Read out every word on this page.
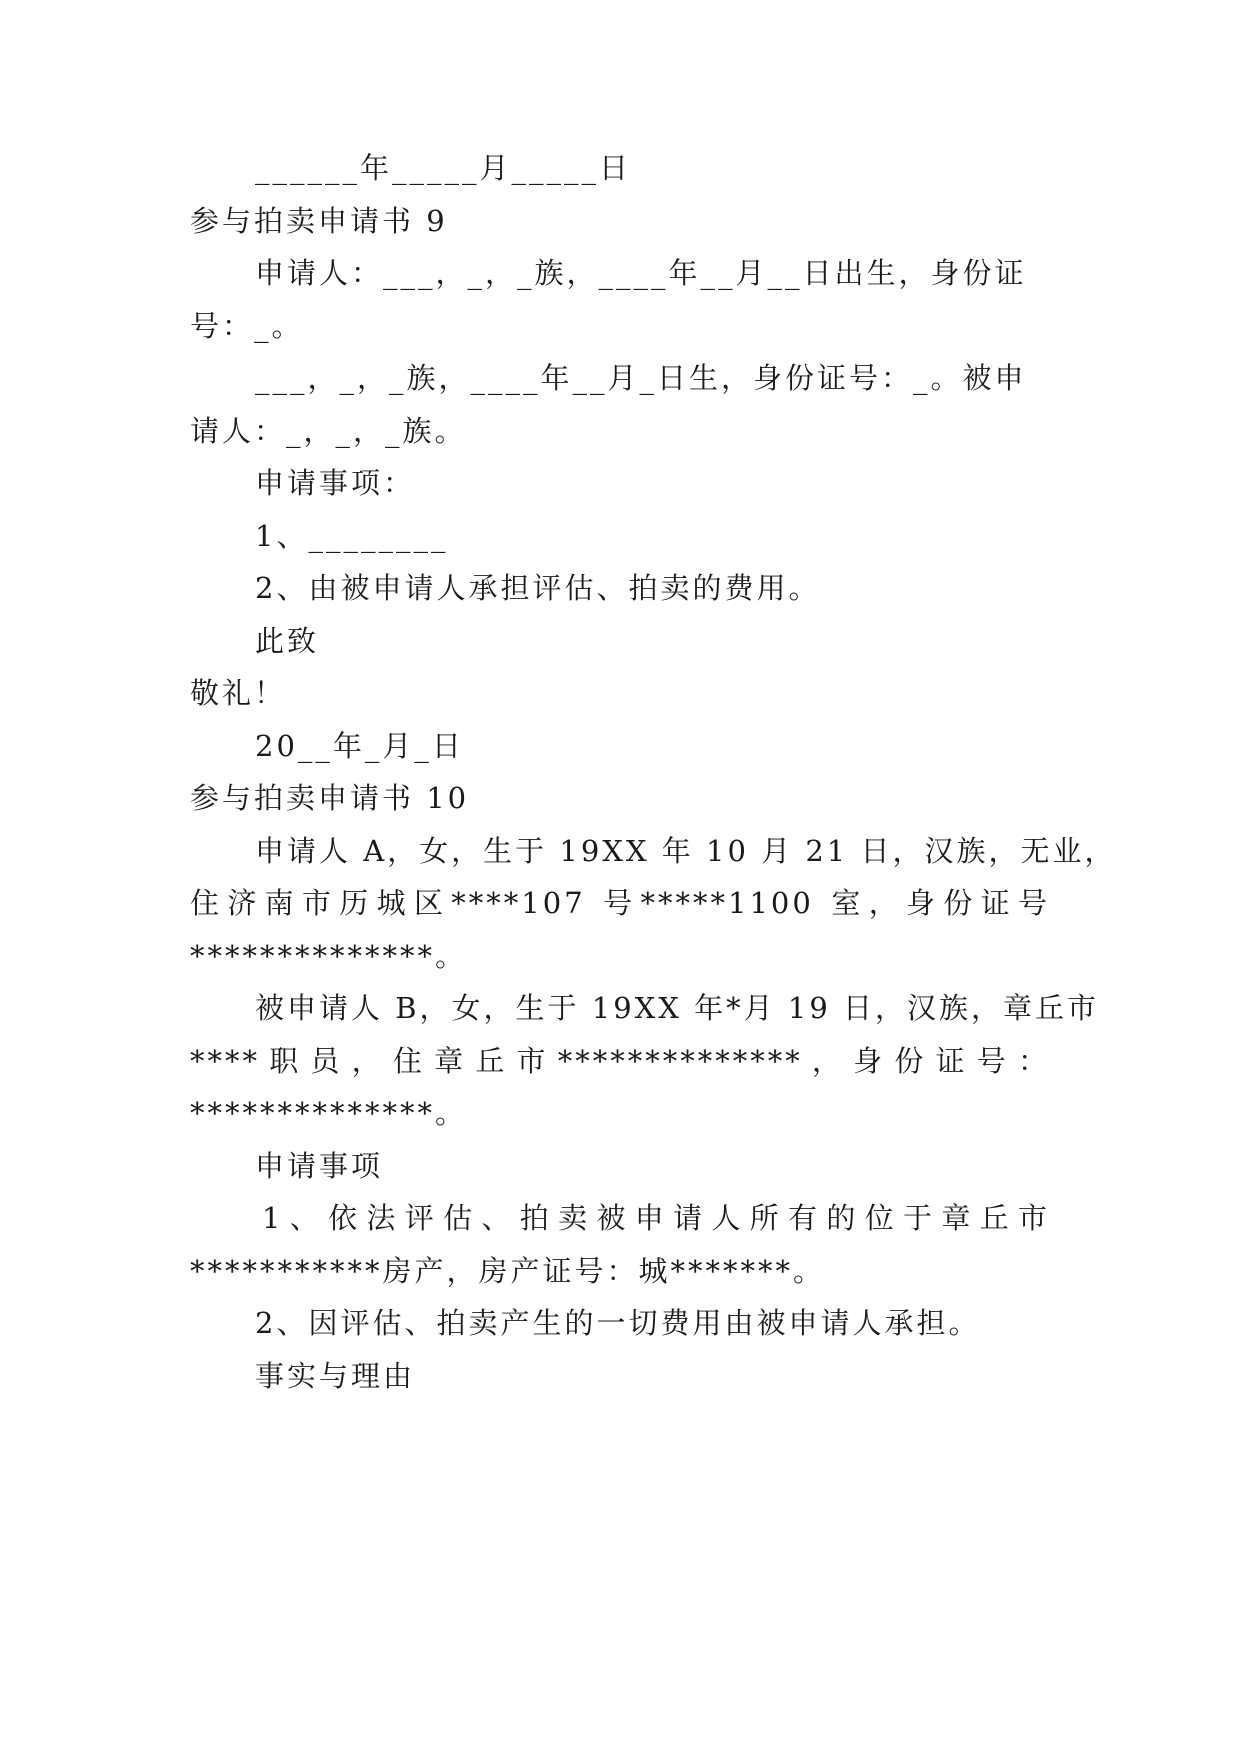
______年_____月_____日
参与拍卖申请书 9
申请人：___，_，_族，____年__月__日出生，身份证
号：_。
___，_，_族，____年__月_日生，身份证号：_。被申
请人：_，_，_族。
申请事项：
1、________
2、由被申请人承担评估、拍卖的费用。
此致
敬礼！
20__年_月_日
参与拍卖申请书 10
申请人 A，女，生于 19XX 年 10 月 21 日，汉族，无业，
住济南市历城区****107 号*****1100 室，身份证号
**************。
被申请人 B，女，生于 19XX 年*月 19 日，汉族，章丘市
****职员，住章丘市**************，身份证号：
**************。
申请事项
1、依法评估、拍卖被申请人所有的位于章丘市
***********房产，房产证号：城*******。
2、因评估、拍卖产生的一切费用由被申请人承担。
事实与理由
